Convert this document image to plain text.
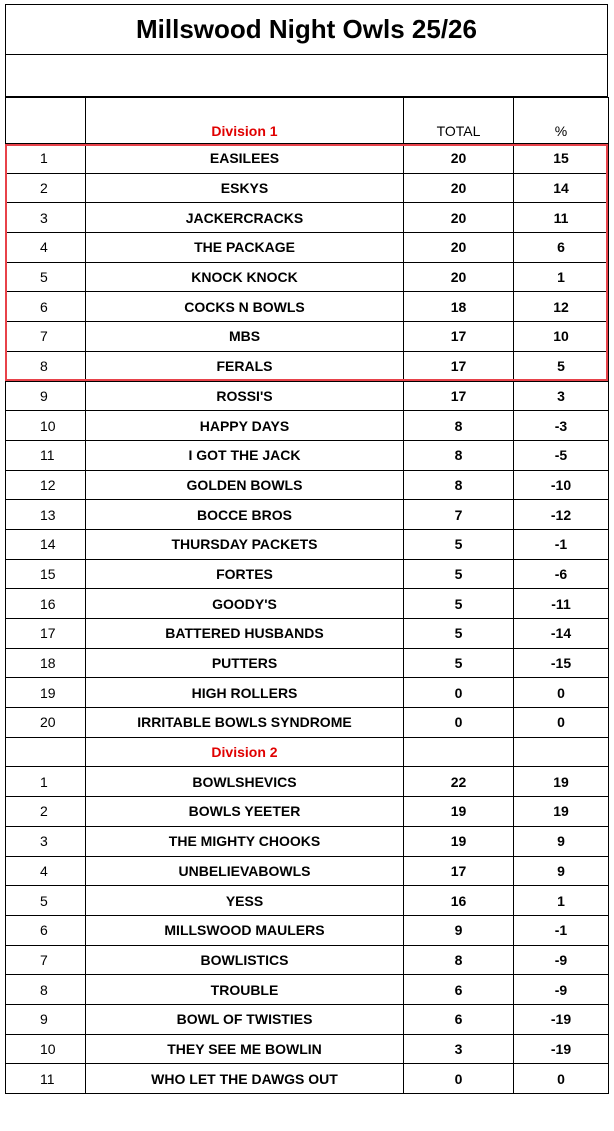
Millswood Night Owls 25/26
	Division 1	TOTAL	%
1	EASILEES	20	15
2	ESKYS	20	14
3	JACKERCRACKS	20	11
4	THE PACKAGE	20	6
5	KNOCK KNOCK	20	1
6	COCKS N BOWLS	18	12
7	MBS	17	10
8	FERALS	17	5
9	ROSSI'S	17	3
10	HAPPY DAYS	8	-3
11	I GOT THE JACK	8	-5
12	GOLDEN BOWLS	8	-10
13	BOCCE BROS	7	-12
14	THURSDAY PACKETS	5	-1
15	FORTES	5	-6
16	GOODY'S	5	-11
17	BATTERED HUSBANDS	5	-14
18	PUTTERS	5	-15
19	HIGH ROLLERS	0	0
20	IRRITABLE BOWLS SYNDROME	0	0
	Division 2		
1	BOWLSHEVICS	22	19
2	BOWLS YEETER	19	19
3	THE MIGHTY CHOOKS	19	9
4	UNBELIEVABOWLS	17	9
5	YESS	16	1
6	MILLSWOOD MAULERS	9	-1
7	BOWLISTICS	8	-9
8	TROUBLE	6	-9
9	BOWL OF TWISTIES	6	-19
10	THEY SEE ME BOWLIN	3	-19
11	WHO LET THE DAWGS OUT	0	0
